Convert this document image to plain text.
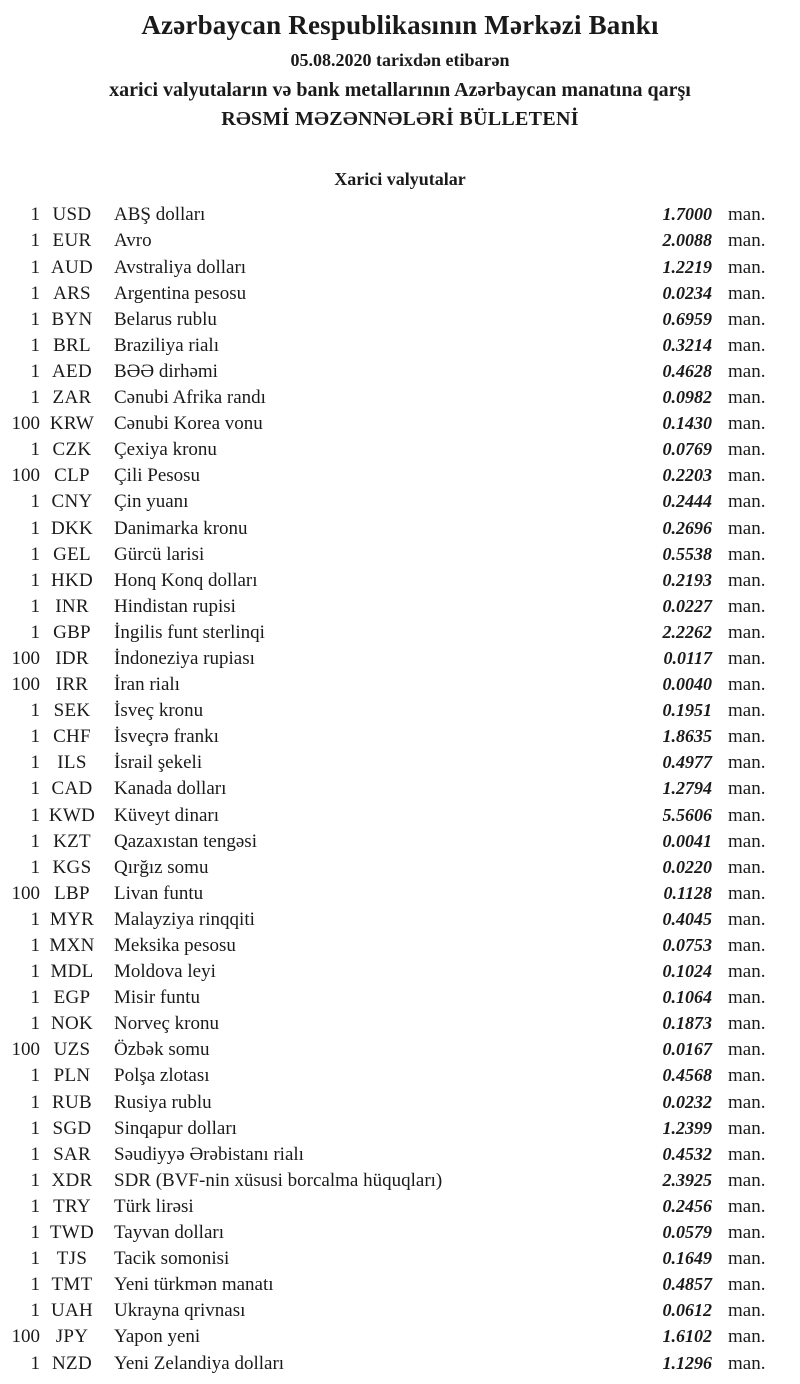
Azərbaycan Respublikasının Mərkəzi Bankı
05.08.2020 tarixdən etibarən
xarici valyutaların və bank metallarının Azərbaycan manatına qarşı
RƏSMİ MƏZƏNNƏLƏRİ BÜLLETENİ
Xarici valyutalar
1 USD	ABŞ dolları	1.7000 man.
1 EUR	Avro	2.0088 man.
1 AUD	Avstraliya dolları	1.2219 man.
1 ARS	Argentina pesosu	0.0234 man.
1 BYN	Belarus rublu	0.6959 man.
1 BRL	Braziliya rialı	0.3214 man.
1 AED	BƏƏ dirhəmi	0.4628 man.
1 ZAR	Cənubi Afrika randı	0.0982 man.
100 KRW	Cənubi Korea vonu	0.1430 man.
1 CZK	Çexiya kronu	0.0769 man.
100 CLP	Çili Pesosu	0.2203 man.
1 CNY	Çin yuanı	0.2444 man.
1 DKK	Danimarka kronu	0.2696 man.
1 GEL	Gürcü larisi	0.5538 man.
1 HKD	Honq Konq dolları	0.2193 man.
1 INR	Hindistan rupisi	0.0227 man.
1 GBP	İngilis funt sterlinqi	2.2262 man.
100 IDR	İndoneziya rupiası	0.0117 man.
100 IRR	İran rialı	0.0040 man.
1 SEK	İsveç kronu	0.1951 man.
1 CHF	İsveçrə frankı	1.8635 man.
1 ILS	İsrail şekeli	0.4977 man.
1 CAD	Kanada dolları	1.2794 man.
1 KWD Küveyt dinarı	5.5606 man.
1 KZT	Qazaxıstan tengəsi	0.0041 man.
1 KGS	Qırğız somu	0.0220 man.
100 LBP	Livan funtu	0.1128 man.
1 MYR	Malayziya rinqqiti	0.4045 man.
1 MXN	Meksika pesosu	0.0753 man.
1 MDL	Moldova leyi	0.1024 man.
1 EGP	Misir funtu	0.1064 man.
1 NOK	Norveç kronu	0.1873 man.
100 UZS	Özbək somu	0.0167 man.
1 PLN	Polşa zlotası	0.4568 man.
1 RUB	Rusiya rublu	0.0232 man.
1 SGD	Sinqapur dolları	1.2399 man.
1 SAR	Səudiyyə Ərəbistanı rialı	0.4532 man.
1 XDR	SDR (BVF-nin xüsusi borcalma hüquqları)	2.3925 man.
1 TRY	Türk lirəsi	0.2456 man.
1 TWD	Tayvan dolları	0.0579 man.
1 TJS	Tacik somonisi	0.1649 man.
1 TMT	Yeni türkmən manatı	0.4857 man.
1 UAH	Ukrayna qrivnası	0.0612 man.
100 JPY	Yapon yeni	1.6102 man.
1 NZD	Yeni Zelandiya dolları	1.1296 man.
